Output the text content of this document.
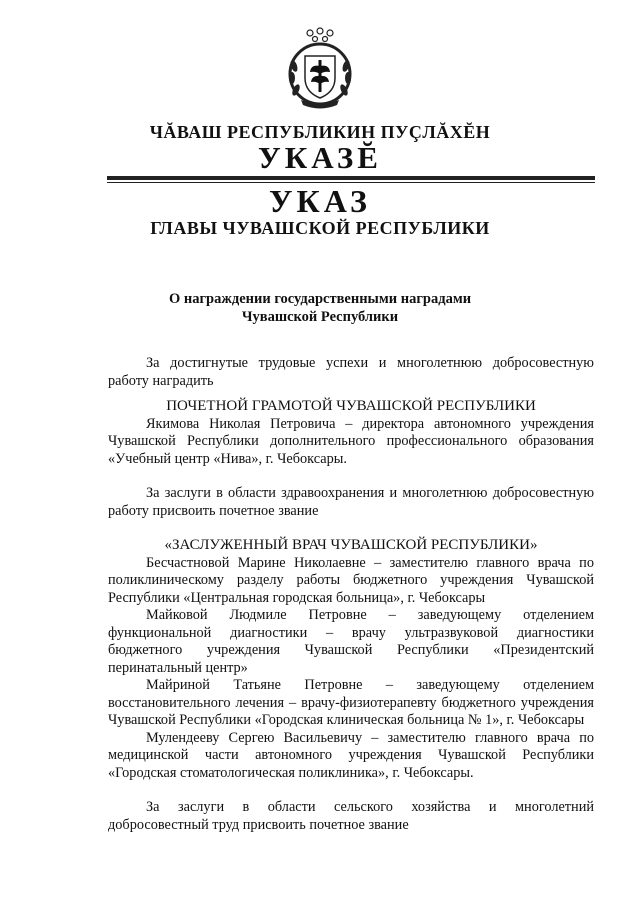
ЧĂВАШ РЕСПУБЛИКИН ПУÇЛĂХĔН
УКАЗĔ
УКАЗ
ГЛАВЫ ЧУВАШСКОЙ РЕСПУБЛИКИ
О награждении государственными наградами
Чувашской Республики

За достигнутые трудовые успехи и многолетнюю добросовестную работу наградить

ПОЧЕТНОЙ ГРАМОТОЙ ЧУВАШСКОЙ РЕСПУБЛИКИ

Якимова Николая Петровича – директора автономного учреждения Чувашской Республики дополнительного профессионального образования «Учебный центр «Нива», г. Чебоксары.

За заслуги в области здравоохранения и многолетнюю добросовестную работу присвоить почетное звание

«ЗАСЛУЖЕННЫЙ ВРАЧ ЧУВАШСКОЙ РЕСПУБЛИКИ»

Бесчастновой Марине Николаевне – заместителю главного врача по поликлиническому разделу работы бюджетного учреждения Чувашской Республики «Центральная городская больница», г. Чебоксары

Майковой Людмиле Петровне – заведующему отделением функциональной диагностики – врачу ультразвуковой диагностики бюджетного учреждения Чувашской Республики «Президентский перинатальный центр»

Майриной Татьяне Петровне – заведующему отделением восстановительного лечения – врачу-физиотерапевту бюджетного учреждения Чувашской Республики «Городская клиническая больница № 1», г. Чебоксары

Мулендееву Сергею Васильевичу – заместителю главного врача по медицинской части автономного учреждения Чувашской Республики «Городская стоматологическая поликлиника», г. Чебоксары.

За заслуги в области сельского хозяйства и многолетний добросовестный труд присвоить почетное звание
